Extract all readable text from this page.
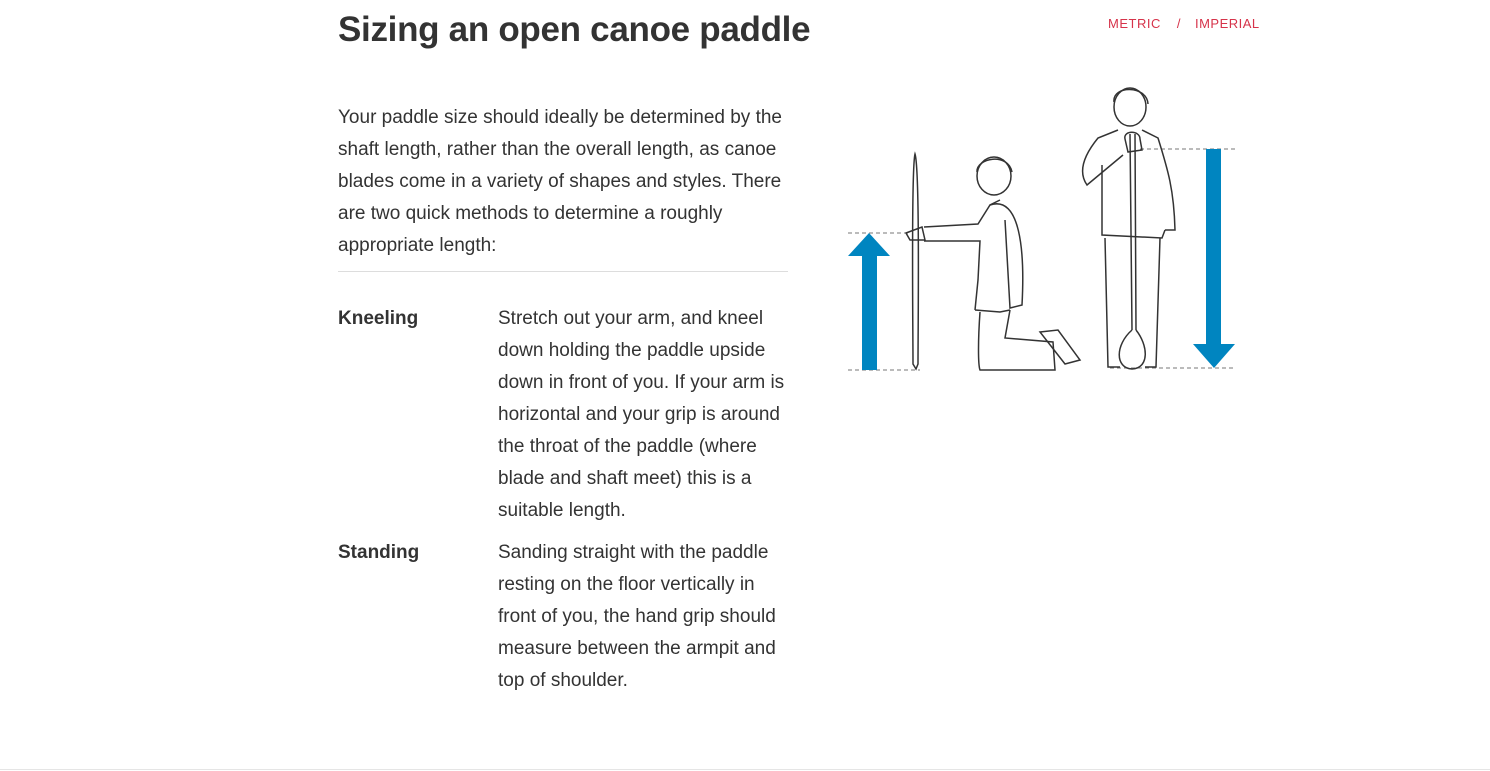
Sizing an open canoe paddle	METRIC / IMPERIAL

Your paddle size should ideally be determined by the shaft length, rather than the overall length, as canoe blades come in a variety of shapes and styles. There are two quick methods to determine a roughly appropriate length:

Kneeling	Stretch out your arm, and kneel down holding the paddle upside down in front of you. If your arm is horizontal and your grip is around the throat of the paddle (where blade and shaft meet) this is a suitable length.
Standing	Sanding straight with the paddle resting on the floor vertically in front of you, the hand grip should measure between the armpit and top of shoulder.
